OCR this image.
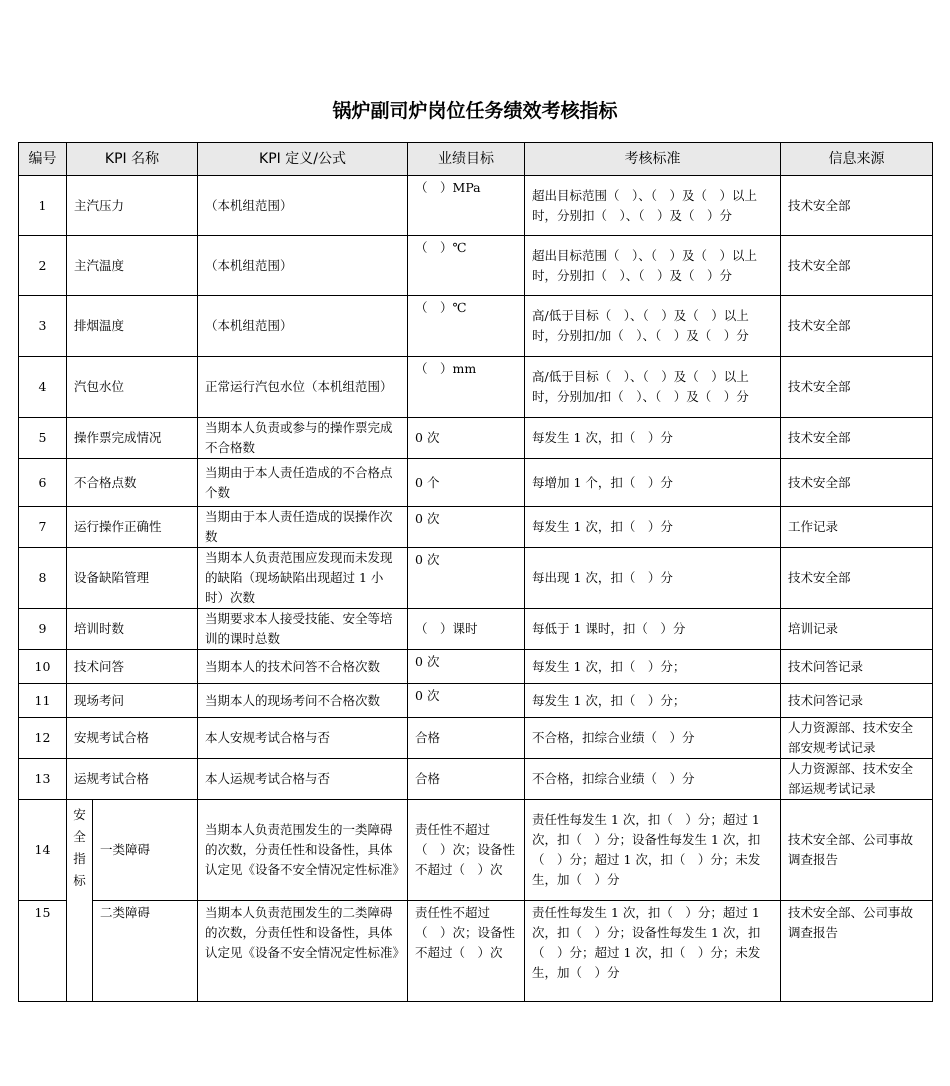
锅炉副司炉岗位任务绩效考核指标
编号	KPI 名称		KPI 定义/公式	业绩目标	考核标准	信息来源
1	主汽压力		（本机组范围）	（　）MPa	超出目标范围（　）、（　）及（　）以上时，分别扣（　）、（　）及（　）分	技术安全部
2	主汽温度		（本机组范围）	（　）℃	超出目标范围（　）、（　）及（　）以上时，分别扣（　）、（　）及（　）分	技术安全部
3	排烟温度		（本机组范围）	（　）℃	高/低于目标（　）、（　）及（　）以上时，分别扣/加（　）、（　）及（　）分	技术安全部
4	汽包水位		正常运行汽包水位（本机组范围）	（　）mm	高/低于目标（　）、（　）及（　）以上时，分别加/扣（　）、（　）及（　）分	技术安全部
5	操作票完成情况		当期本人负责或参与的操作票完成不合格数	0 次	每发生 1 次，扣（　）分	技术安全部
6	不合格点数		当期由于本人责任造成的不合格点个数	0 个	每增加 1 个，扣（　）分	技术安全部
7	运行操作正确性		当期由于本人责任造成的误操作次数	0 次	每发生 1 次，扣（　）分	工作记录
8	设备缺陷管理		当期本人负责范围应发现而未发现的缺陷（现场缺陷出现超过 1 小时）次数	0 次	每出现 1 次，扣（　）分	技术安全部
9	培训时数		当期要求本人接受技能、安全等培训的课时总数	（　）课时	每低于 1 课时，扣（　）分	培训记录
10	技术问答		当期本人的技术问答不合格次数	0 次	每发生 1 次，扣（　）分；	技术问答记录
11	现场考问		当期本人的现场考问不合格次数	0 次	每发生 1 次，扣（　）分；	技术问答记录
12	安规考试合格		本人安规考试合格与否	合格	不合格，扣综合业绩（　）分	人力资源部、技术安全部安规考试记录
13	运规考试合格		本人运规考试合格与否	合格	不合格，扣综合业绩（　）分	人力资源部、技术安全部运规考试记录
14	安全指标	一类障碍	当期本人负责范围发生的一类障碍的次数，分责任性和设备性，具体认定见《设备不安全情况定性标准》	责任性不超过（　）次；设备性不超过（　）次	责任性每发生 1 次，扣（　）分；超过 1 次，扣（　）分；设备性每发生 1 次，扣（　）分；超过 1 次，扣（　）分；未发生，加（　）分	技术安全部、公司事故调查报告
15		二类障碍	当期本人负责范围发生的二类障碍的次数，分责任性和设备性，具体认定见《设备不安全情况定性标准》	责任性不超过（　）次；设备性不超过（　）次	责任性每发生 1 次，扣（　）分；超过 1 次，扣（　）分；设备性每发生 1 次，扣（　）分；超过 1 次，扣（　）分；未发生，加（　）分	技术安全部、公司事故调查报告
